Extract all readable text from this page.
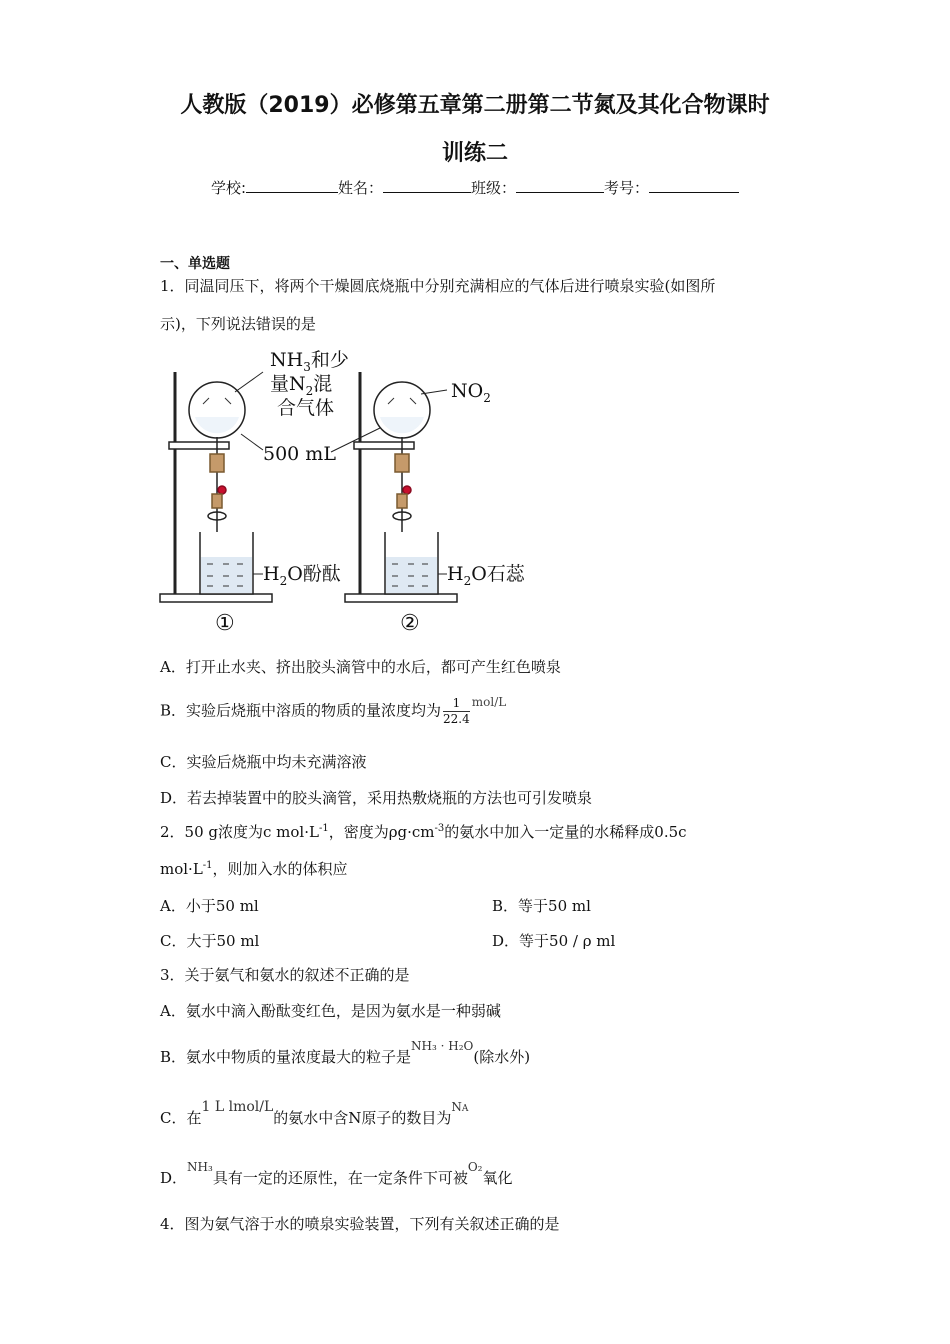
人教版（2019）必修第五章第二册第二节氮及其化合物课时
训练二
学校:	姓名：	班级：	考号：
一、单选题
1．同温同压下，将两个干燥圆底烧瓶中分别充满相应的气体后进行喷泉实验(如图所
示)，下列说法错误的是
$NH_3$和少
量$N_2$混
合气体
500 mL
$NO_2$
$H_2O$酚酞	$H_2O$石蕊
①	②
A．打开止水夹、挤出胶头滴管中的水后，都可产生红色喷泉
B．实验后烧瓶中溶质的物质的量浓度均为 $\frac{1}{22.4} ^{mol/L}$
C．实验后烧瓶中均未充满溶液
D．若去掉装置中的胶头滴管，采用热敷烧瓶的方法也可引发喷泉
2．50 g浓度为c $mol\cdot L^{-1}$，密度为$\rho g\cdot cm^{-3}$的氨水中加入一定量的水稀释成0.5c
$mol\cdot L^{-1}$，则加入水的体积应
A．小于50 ml	B．等于50 ml
C．大于50 ml	D．等于50 / ρ ml
3．关于氨气和氨水的叙述不正确的是
A．氨水中滴入酚酞变红色，是因为氨水是一种弱碱
B．氨水中物质的量浓度最大的粒子是$^{NH_3 \cdot H_2O}$(除水外)
C．在1 L lmol/L的氨水中含N原子的数目为$^{NA}$
D．$^{NH_3}$具有一定的还原性，在一定条件下可被$^{O_2}$氧化
4．图为氨气溶于水的喷泉实验装置，下列有关叙述正确的是
